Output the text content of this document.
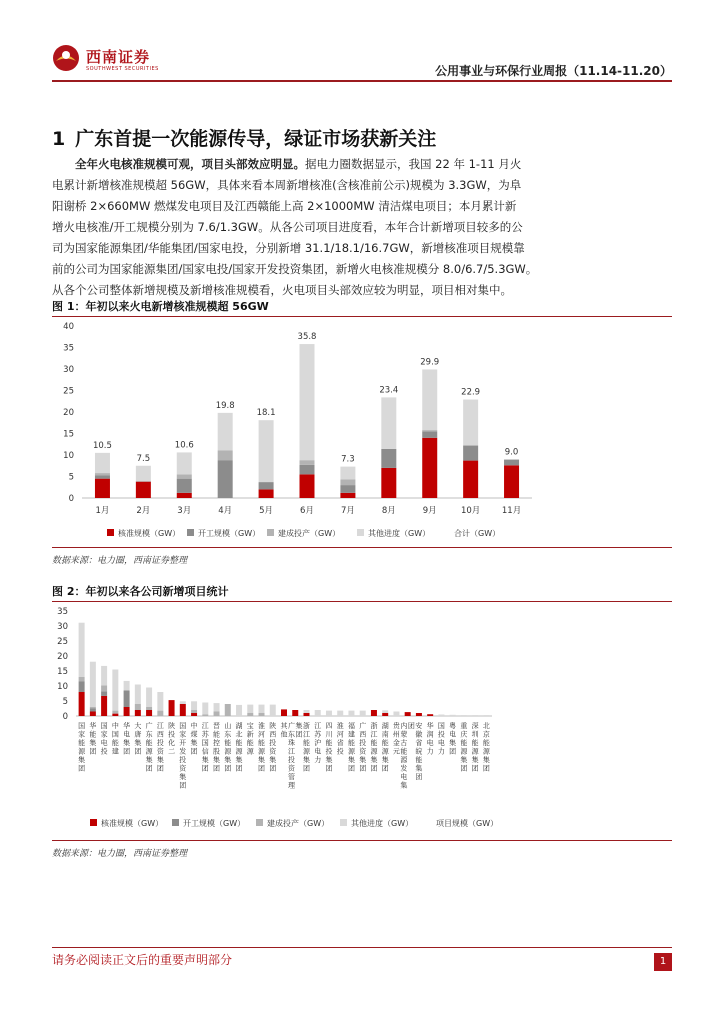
西南证券
SOUTHWEST SECURITIES	公用事业与环保行业周报（11.14-11.20）
1 广东首提一次能源传导，绿证市场获新关注
全年火电核准规模可观，项目头部效应明显。据电力圈数据显示，我国 22 年 1-11 月火
电累计新增核准规模超 56GW，具体来看本周新增核准(含核准前公示)规模为 3.3GW，为阜
阳谢桥 2×660MW 燃煤发电项目及江西赣能上高 2×1000MW 清洁煤电项目；本月累计新
增火电核准/开工规模分别为 7.6/1.3GW。从各公司项目进度看，本年合计新增项目较多的公
司为国家能源集团/华能集团/国家电投，分别新增 31.1/18.1/16.7GW，新增核准项目规模靠
前的公司为国家能源集团/国家电投/国家开发投资集团，新增火电核准规模分 8.0/6.7/5.3GW。
从各个公司整体新增规模及新增核准规模看，火电项目头部效应较为明显，项目相对集中。
图 1：年初以来火电新增核准规模超 56GW
0
5
10
15
20
25
30
35
40
10.5
1月
7.5
2月
10.6
3月
19.8
4月
18.1
5月
35.8
6月
7.3
7月
23.4
8月
29.9
9月
22.9
10月
9.0
11月
核准规模（GW） 开工规模（GW） 建成投产（GW）	其他进度（GW）	合计（GW）
数据来源：电力圈，西南证券整理
图 2：年初以来各公司新增项目统计
0
5
10
15
20
25
30
35
国家能源集团
华能集团
国家电投
中国能建
华电集团
大唐集团
广东能源集团
江西投资集团
陕投化二
国家开发投资集团
中煤集团
江苏国信集团
晋能控股集团
山东能源集团
湖北能源集团
宝新能源
淮河能源集团
陕西投资集团
其他
广东珠江投资管理集团
浙江能源集团
江苏沪电力
四川能投集团
淮河省投
福建能源集团
广西投资集团
浙江能源集团
湖南能源集团
贵州金元
内蒙古能源发电集团 安徽省皖能集团
华润电力
国投电力
粤电集团
重庆能源集团
深圳能源集团
北京能源集团
核准规模（GW） 开工规模（GW）	建成投产（GW）	其他进度（GW）	项目规模（GW）
数据来源：电力圈，西南证券整理
请务必阅读正文后的重要声明部分	1
